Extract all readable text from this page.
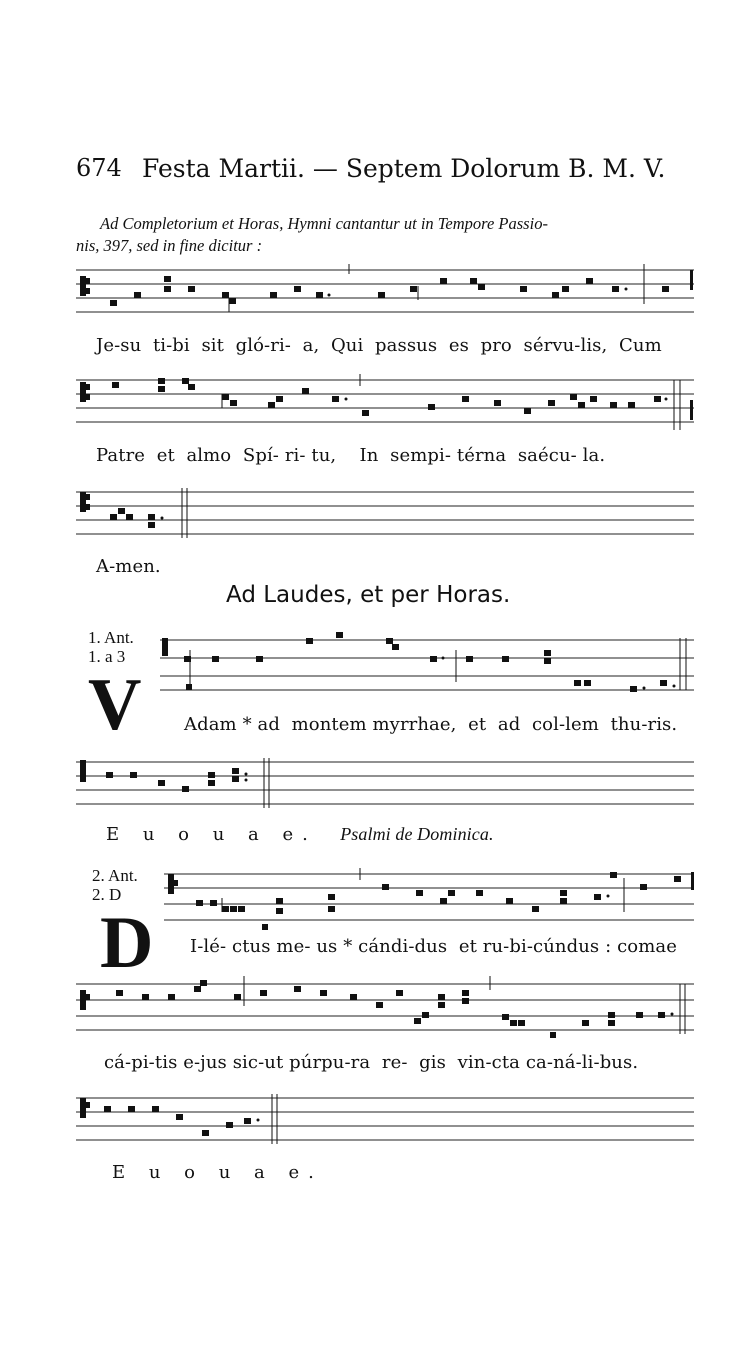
674 Festa Martii. — Septem Dolorum B. M. V.
Ad Completorium et Horas, Hymni cantantur ut in Tempore Passio-
nis, 397, sed in fine dicitur :
Je-su ti-bi sit gló-ri- a, Qui passus es pro sérvu-lis, Cum
Patre et almo Spí- ri- tu, In sempi- térna saécu- la.
A-men.
Ad Laudes, et per Horas.
1. Ant.
1. a 3
V Adam * ad montem myrrhae, et ad col-lem thu-ris.
E u o u a e. Psalmi de Dominica.
2. Ant.
2. D
D I-lé- ctus me- us * cándi-dus et ru-bi-cúndus : comae
cá-pi-tis e-jus sic-ut púrpu-ra re- gis vin-cta ca-ná-li-bus.
E u o u a e.
